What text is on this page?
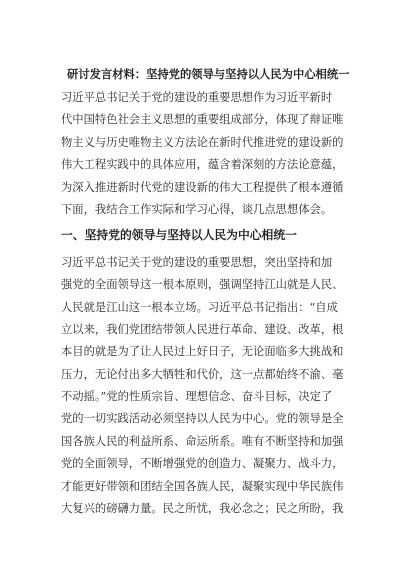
研讨发言材料：坚持党的领导与坚持以人民为中心相统一
习近平总书记关于党的建设的重要思想作为习近平新时
代中国特色社会主义思想的重要组成部分，体现了辩证唯
物主义与历史唯物主义方法论在新时代推进党的建设新的
伟大工程实践中的具体应用，蕴含着深刻的方法论意蕴，
为深入推进新时代党的建设新的伟大工程提供了根本遵循
下面，我结合工作实际和学习心得，谈几点思想体会。
一、坚持党的领导与坚持以人民为中心相统一
习近平总书记关于党的建设的重要思想，突出坚持和加
强党的全面领导这一根本原则，强调坚持江山就是人民、
人民就是江山这一根本立场。习近平总书记指出：“自成
立以来，我们党团结带领人民进行革命、建设、改革，根
本目的就是为了让人民过上好日子，无论面临多大挑战和
压力，无论付出多大牺牲和代价，这一点都始终不渝、毫
不动摇。”党的性质宗旨、理想信念、奋斗目标，决定了
党的一切实践活动必须坚持以人民为中心。党的领导是全
国各族人民的利益所系、命运所系。唯有不断坚持和加强
党的全面领导，不断增强党的创造力、凝聚力、战斗力，
才能更好带领和团结全国各族人民，凝聚实现中华民族伟
大复兴的磅礴力量。民之所忧，我必念之；民之所盼，我
